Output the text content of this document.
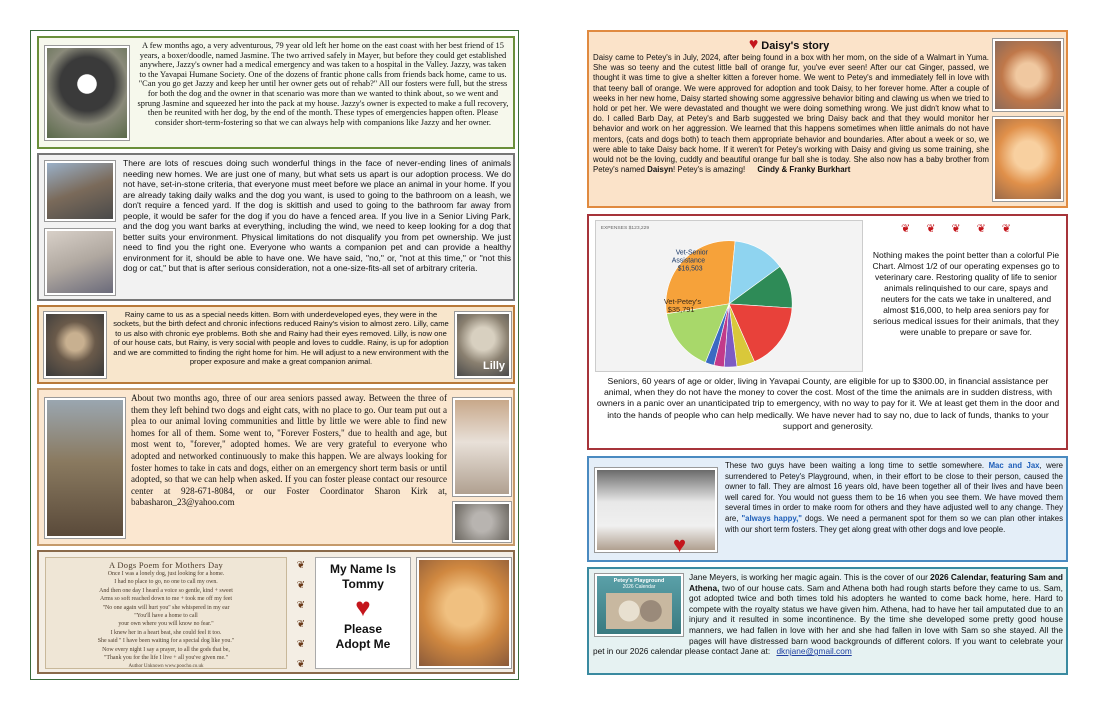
A few months ago, a very adventurous, 79 year old left her home on the east coast with her best friend of 15 years, a boxer/doodle, named Jasmine. The two arrived safely in Mayer, but before they could get established anywhere, Jazzy's owner had a medical emergency and was taken to a hospital in the Valley. Jazzy, was taken to the Yavapai Humane Society. One of the dozens of frantic phone calls from friends back home, came to us. "Can you go get Jazzy and keep her until her owner gets out of rehab?" All our fosters were full, but the stress for both the dog and the owner in that scenario was more than we wanted to think about, so we went and sprung Jasmine and squeezed her into the pack at my house. Jazzy's owner is expected to make a full recovery, then be reunited with her dog, by the end of the month. These types of emergencies happen often. Please consider short-term-fostering so that we can always help with companions like Jazzy and her owner.

There are lots of rescues doing such wonderful things in the face of never-ending lines of animals needing new homes. We are just one of many, but what sets us apart is our adoption process. We do not have, set-in-stone criteria, that everyone must meet before we place an animal in your home. If you are already taking daily walks and the dog you want, is used to going to the bathroom on a leash, we don't require a fenced yard. If the dog is skittish and used to going to the bathroom far away from people, it would be safer for the dog if you do have a fenced area. If you live in a Senior Living Park, and the dog you want barks at everything, including the wind, we need to keep looking for a dog that better suits your environment. Physical limitations do not disqualify you from pet ownership. We just need to find you the right one. Everyone who wants a companion pet and can provide a healthy environment for it, should be able to have one. We have said, "no," or, "not at this time," or "not this dog or cat," but that is after serious consideration, not a one-size-fits-all set of arbitrary criteria.

Rainy came to us as a special needs kitten. Born with underdeveloped eyes, they were in the sockets, but the birth defect and chronic infections reduced Rainy's vision to almost zero. Lilly, came to us also with chronic eye problems. Both she and Rainy had their eyes removed. Lilly, is now one of our house cats, but Rainy, is very social with people and loves to cuddle. Rainy, is up for adoption and we are committed to finding the right home for him. He will adjust to a new environment with the proper exposure and make a great companion animal.	Lilly

About two months ago, three of our area seniors passed away. Between the three of them they left behind two dogs and eight cats, with no place to go. Our team put out a plea to our animal loving communities and little by little we were able to find new homes for all of them. Some went to, "Forever Fosters," due to health and age, but most went to, "forever," adopted homes. We are very grateful to everyone who adopted and networked continuously to make this happen. We are always looking for foster homes to take in cats and dogs, either on an emergency short term basis or until adopted, so that we can help when asked. If you can foster please contact our resource center at 928-671-8084, or our Foster Coordinator Sharon Kirk at, babasharon_23@yahoo.com

A Dogs Poem for Mothers Day
Once I was a lonely dog, just looking for a home.
I had no place to go, no one to call my own.
And then one day I heard a voice so gentle, kind + sweet
Arms so soft reached down to me + took me off my feet
"No one again will hurt you" she whispered in my ear
"You'll have a home to call
your own where you will know no fear."
I knew her in a heart beat, she could feel it too.
She said " I have been waiting for a special dog like you."
Now every night I say a prayer, to all the gods that be,
"Thank you for the life I live + all you've given me."
Author Unknown www.poocho.co.uk
❦
❦
❦
❦
❦
❦
My Name Is
Tommy
♥
Please
Adopt Me
♥ Daisy's story

Daisy came to Petey's in July, 2024, after being found in a box with her mom, on the side of a Walmart in Yuma. She was so teeny and the cutest little ball of orange fur, you've ever seen! After our cat Ginger, passed, we thought it was time to give a shelter kitten a forever home. We went to Petey's and immediately fell in love with that teeny ball of orange. We were approved for adoption and took Daisy, to her forever home. After a couple of weeks in her new home, Daisy started showing some aggressive behavior biting and clawing us when we tried to hold or pet her. We were devastated and thought we were doing something wrong. We just didn't know what to do. I called Barb Day, at Petey's and Barb suggested we bring Daisy back and that they would monitor her behavior and work on her aggression. We learned that this happens sometimes when little animals do not have mentors, (cats and dogs both) to teach them appropriate behavior and boundaries. After about a week or so, we were able to take Daisy back home. If it weren't for Petey's working with Daisy and giving us some training, she would not be the loving, cuddly and beautiful orange fur ball she is today. She also now has a baby brother from Petey's named Daisyn! Petey's is amazing! Cindy & Franky Burkhart

EXPENSES $123,229
Vet-Senior Assistance $16,503
Vet-Petey's $35,791
❦ ❦ ❦ ❦ ❦

Nothing makes the point better than a colorful Pie Chart. Almost 1/2 of our operating expenses go to veterinary care. Restoring quality of life to senior animals relinquished to our care, spays and neuters for the cats we take in unaltered, and almost $16,000, to help area seniors pay for serious medical issues for their animals, that they were unable to prepare or save for.

Seniors, 60 years of age or older, living in Yavapai County, are eligible for up to $300.00, in financial assistance per animal, when they do not have the money to cover the cost. Most of the time the animals are in sudden distress, with owners in a panic over an unanticipated trip to emergency, with no way to pay for it. We at least get them in the door and into the hands of people who can help medically. We have never had to say no, due to lack of funds, thanks to your support and generosity.

♥

These two guys have been waiting a long time to settle somewhere. Mac and Jax, were surrendered to Petey's Playground, when, in their effort to be close to their person, caused the owner to fall. They are almost 16 years old, have been together all of their lives and have been well cared for. You would not guess them to be 16 when you see them. We have moved them several times in order to make room for others and they have adjusted well to any change. They are, "always happy," dogs. We need a permanent spot for them so we can plan other intakes with our short term fosters. They get along great with other dogs and love people.

Petey's Playground
2026 Calendar

Jane Meyers, is working her magic again. This is the cover of our 2026 Calendar, featuring Sam and Athena, two of our house cats. Sam and Athena both had rough starts before they came to us. Sam, got adopted twice and both times told his adopters he wanted to come back home, here. Hard to compete with the royalty status we have given him. Athena, had to have her tail amputated due to an injury and it resulted in some incontinence. By the time she developed some pretty good house manners, we had fallen in love with her and she had fallen in love with Sam so she stayed. All the pages will have distressed barn wood backgrounds of different colors. If you want to celebrate your pet in our 2026 calendar please contact Jane at: dknjane@gmail.com
